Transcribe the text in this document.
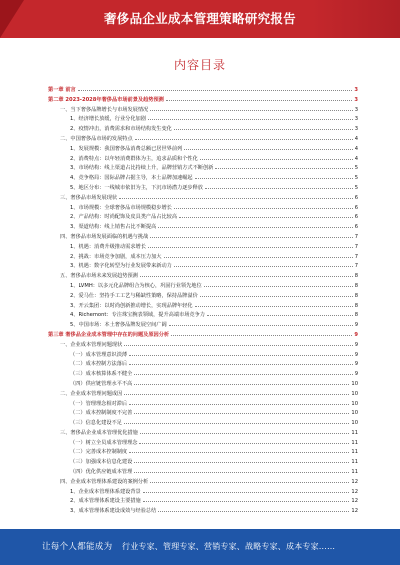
奢侈品企业成本管理策略研究报告
内容目录
第一章 前言	3
第二章 2023-2028年奢侈品市场前景及趋势预测	3
一、当下奢侈品牌增长与市场发展情况	3
1、经济增长放缓，行业分化加剧	3
2、疫情冲击，消费需求和市场结构发生变化	3
二、中国奢侈品市场的发展特点	4
1、发展规模：我国奢侈品消费总额已居世界前列	4
2、消费特点：以年轻消费群体为主，追求品质和个性化	4
3、市场结构：线上渠道占比持续上升，品牌营销方式不断创新	5
4、竞争格局：国际品牌占据主导，本土品牌加速崛起	5
5、地区分布：一线城市依旧为主，下沉市场潜力逐步释放	5
三、奢侈品市场发展现状	6
1、市场规模：全球奢侈品市场规模稳步增长	6
2、产品结构：时尚配饰及皮具类产品占比较高	6
3、渠道结构：线上销售占比不断提高	6
四、奢侈品市场发展面临的机遇与挑战	7
1、机遇：消费升级推动需求增长	7
2、挑战：市场竞争加剧，成本压力加大	7
3、机遇：数字化转型为行业发展带来新动力	7
五、奢侈品市场未来发展趋势预测	8
1、LVMH：以多元化品牌组合为核心，巩固行业领先地位	8
2、爱马仕：坚持手工工艺与稀缺性策略，保持品牌溢价	8
3、开云集团：以时尚创新推动增长，实现品牌年轻化	8
4、Richemont：专注珠宝腕表领域，提升高端市场竞争力	8
5、中国市场：本土奢侈品牌发展空间广阔	9
第三章 奢侈品企业成本管理中存在的问题及原因分析	9
一、企业成本管理问题现状	9
（一）成本管理意识淡薄	9
（二）成本控制方法落后	9
（三）成本核算体系不健全	9
（四）供应链管理水平不高	10
二、企业成本管理问题成因	10
（一）管理理念相对滞后	10
（二）成本控制制度不完善	10
（三）信息化建设不足	10
三、奢侈品企业成本管理优化措施	11
（一）树立全员成本管理理念	11
（二）完善成本控制制度	11
（三）加强成本信息化建设	11
（四）优化供应链成本管理	11
四、企业成本管理体系建设的案例分析	12
1、企业成本管理体系建设背景	12
2、成本管理体系建设主要措施	12
3、成本管理体系建设成效与经验总结	12
让每个人都能成为 行业专家、管理专家、营销专家、战略专家、成本专家……
